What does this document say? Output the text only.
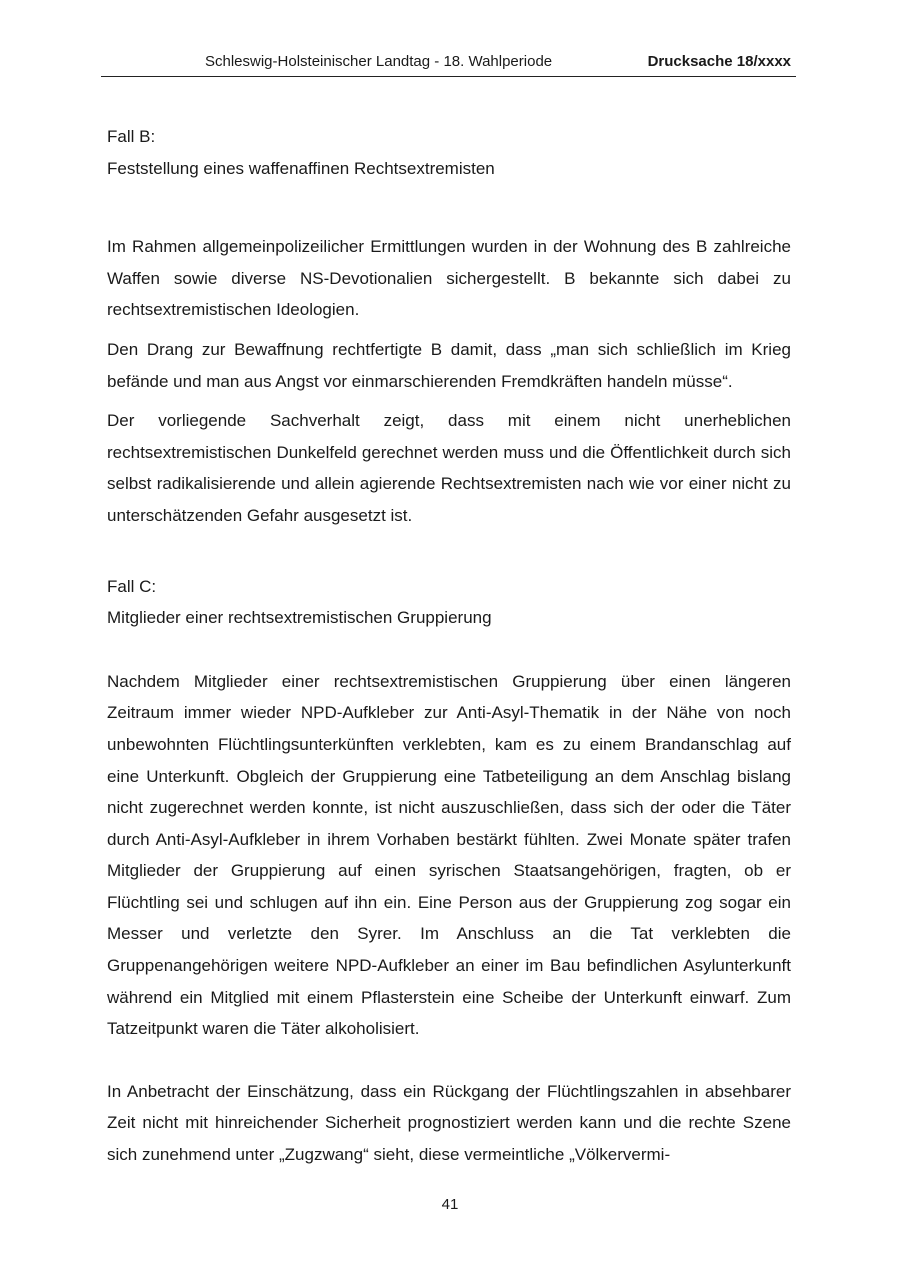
Schleswig-Holsteinischer Landtag - 18. Wahlperiode	Drucksache 18/xxxx

Fall B:

Feststellung eines waffenaffinen Rechtsextremisten

Im Rahmen allgemeinpolizeilicher Ermittlungen wurden in der Wohnung des B zahlreiche Waffen sowie diverse NS-Devotionalien sichergestellt. B bekannte sich dabei zu rechtsextremistischen Ideologien.

Den Drang zur Bewaffnung rechtfertigte B damit, dass „man sich schließlich im Krieg befände und man aus Angst vor einmarschierenden Fremdkräften handeln müsse“.

Der vorliegende Sachverhalt zeigt, dass mit einem nicht unerheblichen rechtsextremistischen Dunkelfeld gerechnet werden muss und die Öffentlichkeit durch sich selbst radikalisierende und allein agierende Rechtsextremisten nach wie vor einer nicht zu unterschätzenden Gefahr ausgesetzt ist.

Fall C:

Mitglieder einer rechtsextremistischen Gruppierung

Nachdem Mitglieder einer rechtsextremistischen Gruppierung über einen längeren Zeitraum immer wieder NPD-Aufkleber zur Anti-Asyl-Thematik in der Nähe von noch unbewohnten Flüchtlingsunterkünften verklebten, kam es zu einem Brandanschlag auf eine Unterkunft. Obgleich der Gruppierung eine Tatbeteiligung an dem Anschlag bislang nicht zugerechnet werden konnte, ist nicht auszuschließen, dass sich der oder die Täter durch Anti-Asyl-Aufkleber in ihrem Vorhaben bestärkt fühlten. Zwei Monate später trafen Mitglieder der Gruppierung auf einen syrischen Staatsangehörigen, fragten, ob er Flüchtling sei und schlugen auf ihn ein. Eine Person aus der Gruppierung zog sogar ein Messer und verletzte den Syrer. Im Anschluss an die Tat verklebten die Gruppenangehörigen weitere NPD-Aufkleber an einer im Bau befindlichen Asylunterkunft während ein Mitglied mit einem Pflasterstein eine Scheibe der Unterkunft einwarf. Zum Tatzeitpunkt waren die Täter alkoholisiert.

In Anbetracht der Einschätzung, dass ein Rückgang der Flüchtlingszahlen in absehbarer Zeit nicht mit hinreichender Sicherheit prognostiziert werden kann und die rechte Szene sich zunehmend unter „Zugzwang“ sieht, diese vermeintliche „Völkervermi-

41
